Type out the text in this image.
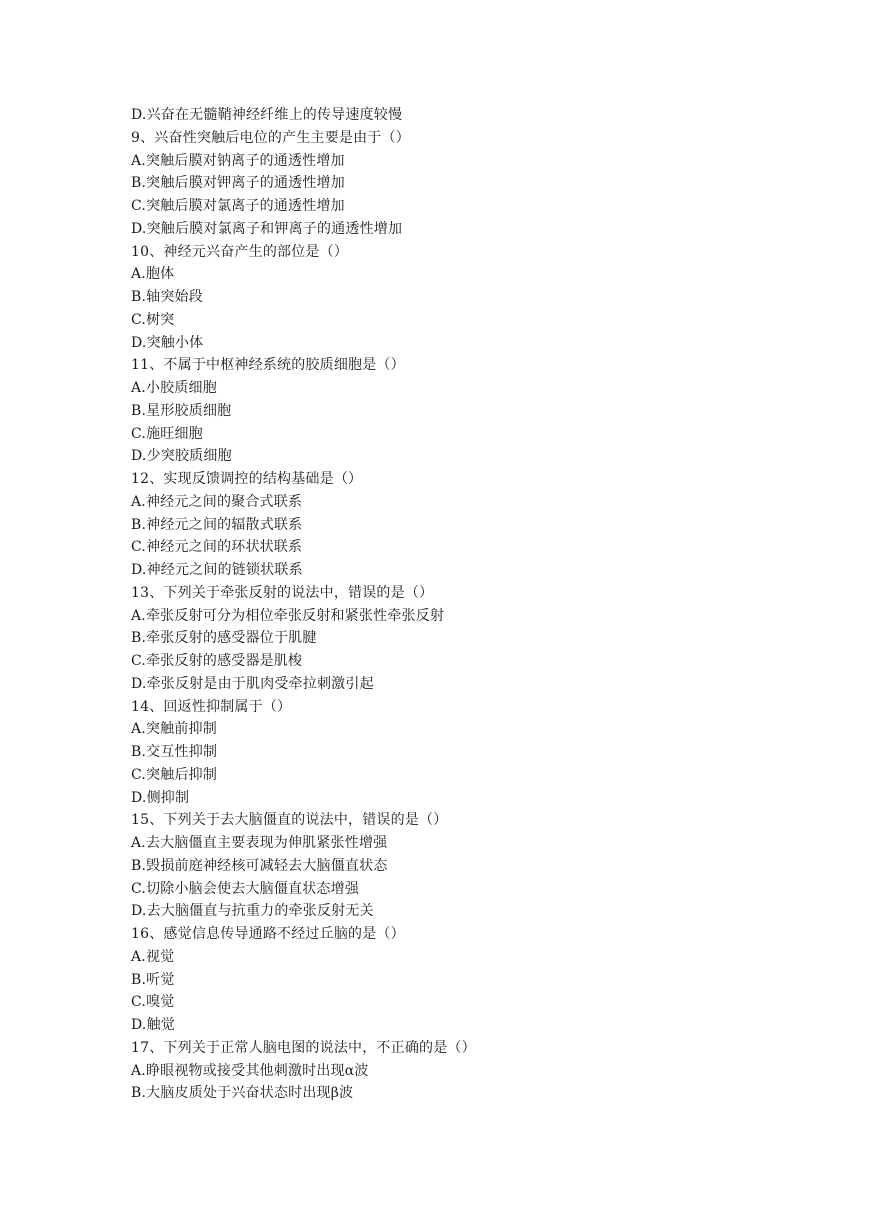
D.兴奋在无髓鞘神经纤维上的传导速度较慢
9、兴奋性突触后电位的产生主要是由于（）
A.突触后膜对钠离子的通透性增加
B.突触后膜对钾离子的通透性增加
C.突触后膜对氯离子的通透性增加
D.突触后膜对氯离子和钾离子的通透性增加
10、神经元兴奋产生的部位是（）
A.胞体
B.轴突始段
C.树突
D.突触小体
11、不属于中枢神经系统的胶质细胞是（）
A.小胶质细胞
B.星形胶质细胞
C.施旺细胞
D.少突胶质细胞
12、实现反馈调控的结构基础是（）
A.神经元之间的聚合式联系
B.神经元之间的辐散式联系
C.神经元之间的环状状联系
D.神经元之间的链锁状联系
13、下列关于牵张反射的说法中，错误的是（）
A.牵张反射可分为相位牵张反射和紧张性牵张反射
B.牵张反射的感受器位于肌腱
C.牵张反射的感受器是肌梭
D.牵张反射是由于肌肉受牵拉刺激引起
14、回返性抑制属于（）
A.突触前抑制
B.交互性抑制
C.突触后抑制
D.侧抑制
15、下列关于去大脑僵直的说法中，错误的是（）
A.去大脑僵直主要表现为伸肌紧张性增强
B.毁损前庭神经核可减轻去大脑僵直状态
C.切除小脑会使去大脑僵直状态增强
D.去大脑僵直与抗重力的牵张反射无关
16、感觉信息传导通路不经过丘脑的是（）
A.视觉
B.听觉
C.嗅觉
D.触觉
17、下列关于正常人脑电图的说法中，不正确的是（）
A.睁眼视物或接受其他刺激时出现α波
B.大脑皮质处于兴奋状态时出现β波
